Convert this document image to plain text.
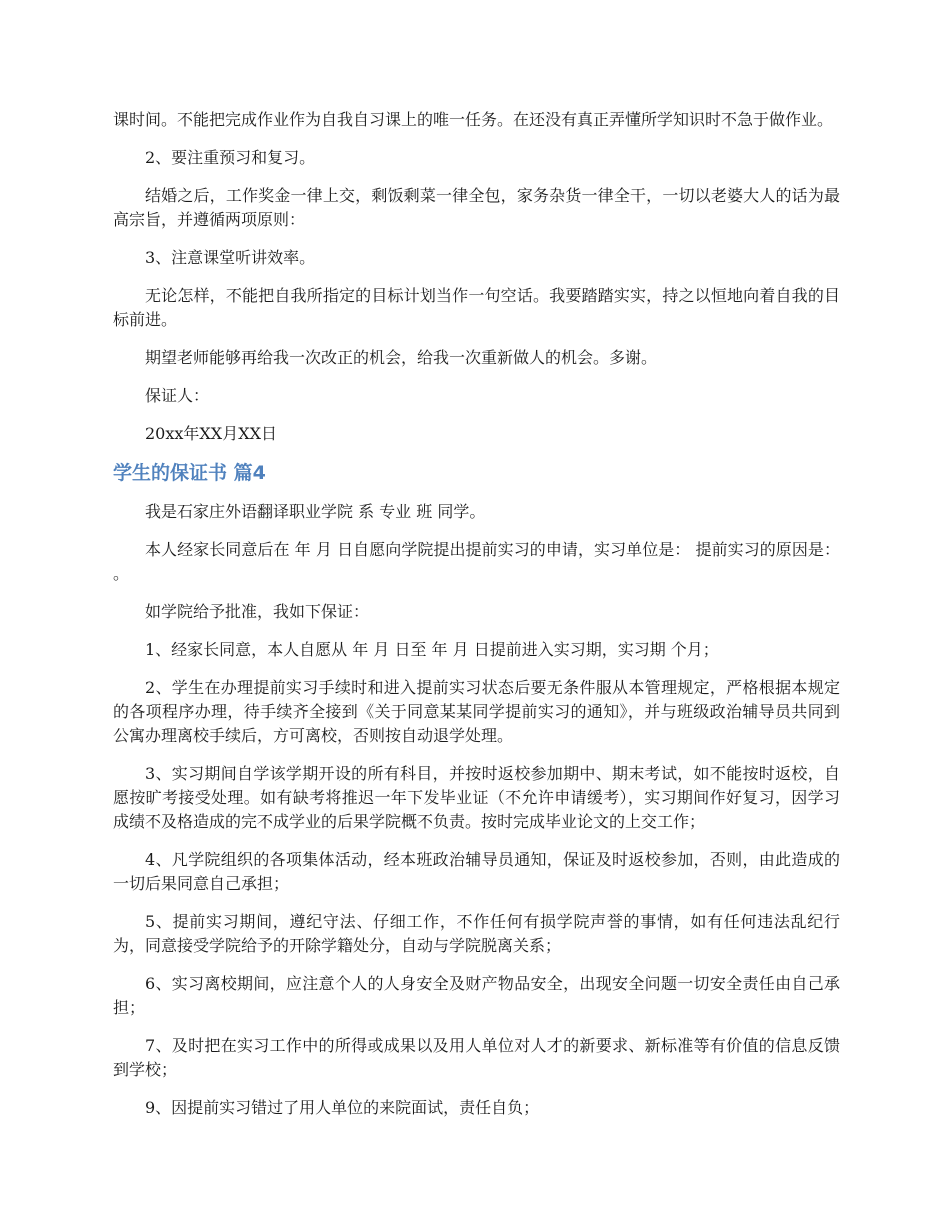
课时间。不能把完成作业作为自我自习课上的唯一任务。在还没有真正弄懂所学知识时不急于做作业。

2、要注重预习和复习。

结婚之后，工作奖金一律上交，剩饭剩菜一律全包，家务杂货一律全干，一切以老婆大人的话为最高宗旨，并遵循两项原则：

3、注意课堂听讲效率。

无论怎样，不能把自我所指定的目标计划当作一句空话。我要踏踏实实，持之以恒地向着自我的目标前进。

期望老师能够再给我一次改正的机会，给我一次重新做人的机会。多谢。

保证人：

20xx年XX月XX日

学生的保证书 篇4

我是石家庄外语翻译职业学院 系 专业 班 同学。

本人经家长同意后在 年 月 日自愿向学院提出提前实习的申请，实习单位是： 提前实习的原因是： 。

如学院给予批准，我如下保证：

1、经家长同意，本人自愿从 年 月 日至 年 月 日提前进入实习期，实习期 个月；

2、学生在办理提前实习手续时和进入提前实习状态后要无条件服从本管理规定，严格根据本规定的各项程序办理，待手续齐全接到《关于同意某某同学提前实习的通知》，并与班级政治辅导员共同到公寓办理离校手续后，方可离校，否则按自动退学处理。

3、实习期间自学该学期开设的所有科目，并按时返校参加期中、期末考试，如不能按时返校，自愿按旷考接受处理。如有缺考将推迟一年下发毕业证（不允许申请缓考），实习期间作好复习，因学习成绩不及格造成的完不成学业的后果学院概不负责。按时完成毕业论文的上交工作；

4、凡学院组织的各项集体活动，经本班政治辅导员通知，保证及时返校参加，否则，由此造成的一切后果同意自己承担；

5、提前实习期间，遵纪守法、仔细工作，不作任何有损学院声誉的事情，如有任何违法乱纪行为，同意接受学院给予的开除学籍处分，自动与学院脱离关系；

6、实习离校期间，应注意个人的人身安全及财产物品安全，出现安全问题一切安全责任由自己承担；

7、及时把在实习工作中的所得或成果以及用人单位对人才的新要求、新标准等有价值的信息反馈到学校；

9、因提前实习错过了用人单位的来院面试，责任自负；
